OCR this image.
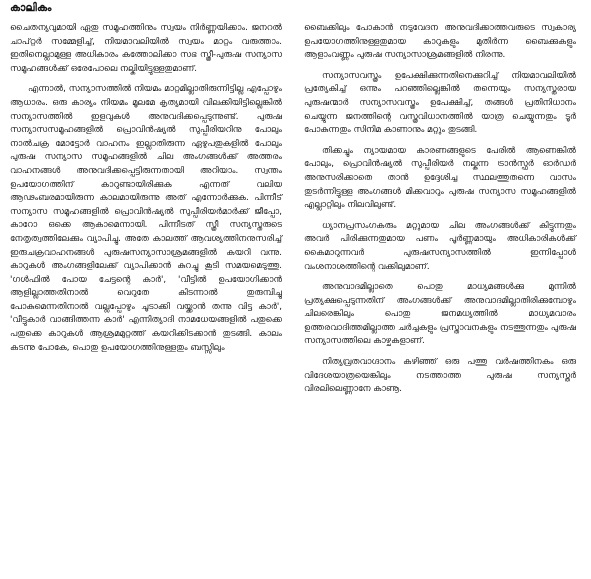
കാലികം

ചൈതന്യവുമായി ഏതു സമൂഹത്തിനും സ്വയം നിർണ്ണയിക്കാം. ജനറൽ ചാപ്റ്റർ സമ്മേളിച്ച്, നിയമാവലിയിൽ സ്വയം മാറ്റം വരുത്താം. ഇതിനെല്ലാമുള്ള അധികാരം കത്തോലിക്കാ സഭ സ്ത്രീ-പുരുഷ സന്യാസ സമൂഹങ്ങൾക്ക് ഒരേപോലെ നല്കിയിട്ടുള്ളതുമാണ്.

എന്നാൽ, സന്യാസത്തിൽ നിയമം മാറ്റമില്ലാതിരുന്നിട്ടില്ല എപ്പോഴും ആധാരം. ഒരു കാര്യം നിയമം മൂലമേ കൃത്യമായി വിലക്കിയിട്ടില്ലെങ്കിൽ സന്യാസത്തിൽ ഇളവുകൾ അനുവദിക്കപ്പെടുന്നുണ്ട്. പുരുഷ സന്യാസസമൂഹങ്ങളിൽ പ്രൊവിൻഷ്യൽ സുപ്പീരിയറിനു പോലും നാൽചക്ര മോട്ടോർ വാഹനം ഇല്ലാതിരുന്ന ഏഴുപതുകളിൽ പോലും പുരുഷ സന്യാസ സമൂഹങ്ങളിൽ ചില അംഗങ്ങൾക്ക് അത്തരം വാഹനങ്ങൾ അനുവദിക്കപ്പെട്ടിരുന്നതായി അറിയാം. സ്വന്തം ഉപയോഗത്തിന് കാറുണ്ടായിരിക്കുക എന്നത് വലിയ ആഢംബരമായിരുന്ന കാലമായിരുന്നു അത് എന്നോർക്കുക. പിന്നീട് സന്യാസ സമൂഹങ്ങളിൽ പ്രൊവിൻഷ്യൽ സുപ്പീരിയർമാർക്ക് ജീപ്പോ, കാറോ ഒക്കെ ആകാമെന്നായി. പിന്നീടത് സ്ത്രീ സന്യസ്തരുടെ നേതൃത്വത്തിലേക്കും വ്യാപിച്ചു. അതേ കാലത്ത് ആവശ്യത്തിനനുസരിച്ച് ഇരുചക്രവാഹനങ്ങൾ പുരുഷസന്യാസാശ്രമങ്ങളിൽ കയറി വന്നു. കാറുകൾ അംഗങ്ങളിലേക്ക് വ്യാപിക്കാൻ കുറച്ചു കൂടി സമയമെടുത്തു. 'ഗൾഫിൽ പോയ ചേട്ടന്റെ കാർ', 'വീട്ടിൽ ഉപയോഗിക്കാൻ ആളില്ലാത്തതിനാൽ വെറുതേ കിടന്നാൽ തുരുമ്പിച്ചു പോകുമെന്നതിനാൽ വല്ലപ്പോഴും ചൂടാക്കി വയ്ക്കാൻ തന്നു വിട്ട കാർ', 'വീട്ടുകാർ വാങ്ങിത്തന്ന കാർ' എന്നിത്യാദി നാമധേയങ്ങളിൽ പതുക്കെ പതുക്കെ കാറുകൾ ആശ്രമമുറ്റത്ത് കയറിക്കിടക്കാൻ തുടങ്ങി. കാലം കടന്നു പോകേ, പൊതു ഉപയോഗത്തിനുള്ളതും ബസ്സിലും

ബൈക്കിലും പോകാൻ നടുവേദന അനുവദിക്കാത്തവരുടെ സ്വകാര്യ ഉപയോഗത്തിനുള്ളതുമായ കാറുകളും മുതിർന്ന ബൈക്കുകളും ആളാംവണ്ണം പുരുഷ സന്യാസാശ്രമങ്ങളിൽ നിരന്നു.

സന്യാസവസ്ത്രം ഉപേക്ഷിക്കുന്നതിനെക്കുറിച്ച് നിയമാവലിയിൽ പ്രത്യേകിച്ച് ഒന്നും പറഞ്ഞില്ലെങ്കിൽ തന്നെയും സന്യസ്തരായ പുരുഷന്മാർ സന്യാസവസ്ത്രം ഉപേക്ഷിച്ച്, തങ്ങൾ പ്രതിനിധാനം ചെയ്യുന്ന ജനത്തിന്റെ വസ്ത്രവിധാനത്തിൽ യാത്ര ചെയ്യുന്നതും ടൂർ പോകുന്നതും സിനിമ കാണാനും മറ്റും തുടങ്ങി.

തിക്കച്ചും ന്യായമായ കാരണങ്ങളുടെ പേരിൽ ആണെങ്കിൽ പോലും, പ്രൊവിൻഷ്യൽ സുപ്പീരിയർ നല്കുന്ന ട്രാൻസ്ഫർ ഓർഡർ അനുസരിക്കാതെ താൻ ഉദ്ദേശിച്ച സ്ഥലത്തുതന്നെ വാസം തുടർന്നിട്ടുള്ള അംഗങ്ങൾ മിക്കവാറും പുരുഷ സന്യാസ സമൂഹങ്ങളിൽ എല്ലാറ്റിലും നിലവിലുണ്ട്.

ധ്യാനപ്രസംഗകരും മറ്റുമായ ചില അംഗങ്ങൾക്ക് കിട്ടുന്നതും അവർ പിരിക്കുന്നതുമായ പണം പൂർണ്ണമായും അധികാരികൾക്ക് കൈമാറുന്നവർ പുരുഷസന്യാസത്തിൽ ഇന്നിപ്പോൾ വംശനാശത്തിന്റെ വക്കിലുമാണ്.

അനുവാദമില്ലാതെ പൊതു മാധ്യമങ്ങൾക്കു മുന്നിൽ പ്രത്യക്ഷപ്പെടുന്നതിന് അംഗങ്ങൾക്ക് അനുവാദമില്ലാതിരിക്കുമ്പോഴും ചിലരെങ്കിലും പൊതു ജനമധ്യത്തിൽ മാധ്യമവാരം ഉത്തരവാദിത്തമില്ലാത്ത ചർച്ചകളും പ്രസ്താവനകളും നടത്തുന്നതും പുരുഷ സന്യാസത്തിലെ കാഴ്ചകളാണ്.

നിത്യവ്രതവാഗ്ദാനം കഴിഞ്ഞ് ഒരു പത്തു വർഷത്തിനകം ഒരു വിദേശയാത്രയെങ്കിലും നടത്താത്ത പുരുഷ സന്യസ്തർ വിരലിലെണ്ണാനേ കാണൂ.
